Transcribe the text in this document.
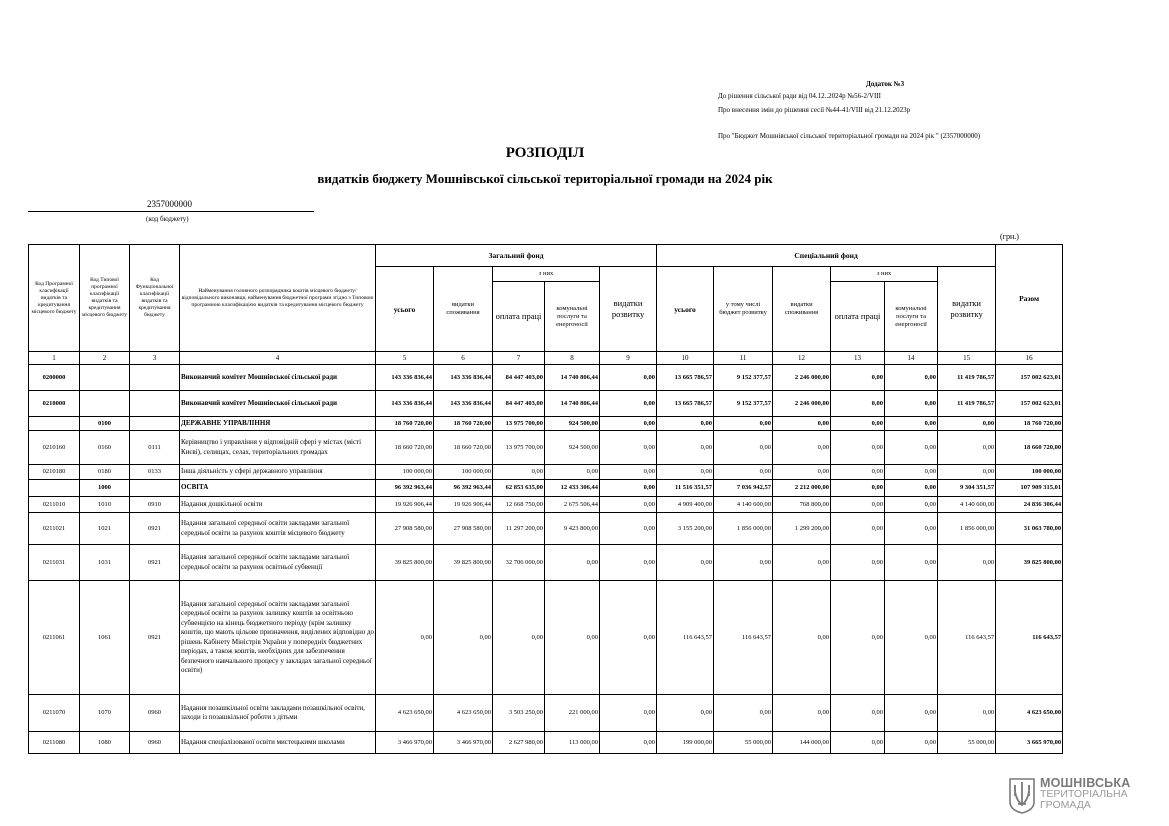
Додаток №3
До рішення сільської ради від 04.12..2024р №56-2/VIII
Про внесення змін до рішення сесії №44-41/VIII від 21.12.2023р
Про "Бюджет Мошнівської сільської територіальної громади на 2024 рік " (2357000000)
РОЗПОДІЛ
видатків бюджету Мошнівської сільської територіальної громади на 2024 рік
2357000000
(код бюджету)
(грн.)
Код Програмної класифікації видатків та кредитування місцевого бюджету	Код Типової програмної класифікації видатків та кредитування місцевого бюджету	Код Функціональної класифікації видатків та кредитування бюджету	Найменування головного розпорядника коштів місцевого бюджету/ відповідального виконавця, найменування бюджетної програми згідно з Типовою програмною класифікацією видатків та кредитування місцевого бюджету	Загальний фонд					Спеціальний фонд						Разом
				усього	видатки споживання	з них		видатки розвитку	усього	у тому числі бюджет розвитку	видатки споживання	з них		видатки розвитку	
						оплата праці	комунальні послуги та енергоносії					оплата праці	комунальні послуги та енергоносії		
1	2	3	4	5	6	7	8	9	10	11	12	13	14	15	16
0200000			Виконавчий комітет Мошнівської сільської ради	143 336 836,44	143 336 836,44	84 447 403,00	14 740 806,44	0,00	13 665 786,57	9 152 377,57	2 246 000,00	0,00	0,00	11 419 786,57	157 002 623,01
0210000			Виконавчий комітет Мошнівської сільської ради	143 336 836,44	143 336 836,44	84 447 403,00	14 740 806,44	0,00	13 665 786,57	9 152 377,57	2 246 000,00	0,00	0,00	11 419 786,57	157 002 623,01
	0100		ДЕРЖАВНЕ УПРАВЛІННЯ	18 760 720,00	18 760 720,00	13 975 700,00	924 500,00	0,00	0,00	0,00	0,00	0,00	0,00	0,00	18 760 720,00
0210160	0160	0111	Керівництво і управління у відповідній сфері у містах (місті Києві), селищах, селах, територіальних громадах	18 660 720,00	18 660 720,00	13 975 700,00	924 500,00	0,00	0,00	0,00	0,00	0,00	0,00	0,00	18 660 720,00
0210180	0180	0133	Інша діяльність у сфері державного управління	100 000,00	100 000,00	0,00	0,00	0,00	0,00	0,00	0,00	0,00	0,00	0,00	100 000,00
	1000		ОСВІТА	96 392 963,44	96 392 963,44	62 853 635,00	12 433 306,44	0,00	11 516 351,57	7 036 942,57	2 212 000,00	0,00	0,00	9 304 351,57	107 909 315,01
0211010	1010	0910	Надання дошкільної освіти	19 926 906,44	19 926 906,44	12 668 750,00	2 675 506,44	0,00	4 909 400,00	4 140 600,00	768 800,00	0,00	0,00	4 140 600,00	24 836 306,44
0211021	1021	0921	Надання загальної середньої освіти закладами загальної середньої освіти за рахунок коштів місцевого бюджету	27 908 580,00	27 908 580,00	11 297 200,00	9 423 800,00	0,00	3 155 200,00	1 856 000,00	1 299 200,00	0,00	0,00	1 856 000,00	31 063 780,00
0211031	1031	0921	Надання загальної середньої освіти закладами загальної середньої освіти за рахунок освітньої субвенції	39 825 800,00	39 825 800,00	32 706 000,00	0,00	0,00	0,00	0,00	0,00	0,00	0,00	0,00	39 825 800,00
0211061	1061	0921	Надання загальної середньої освіти закладами загальної середньої освіти за рахунок залишку коштів за освітньою субвенцією на кінець бюджетного періоду (крім залишку коштів, що мають цільове призначення, виділених відповідно до рішень Кабінету Міністрів України у попередніх бюджетних періодах, а також коштів, необхідних для забезпечення безпечного навчального процесу у закладах загальної середньої освіти)	0,00	0,00	0,00	0,00	0,00	116 643,57	116 643,57	0,00	0,00	0,00	116 643,57	116 643,57
0211070	1070	0960	Надання позашкільної освіти закладами позашкільної освіти, заходи із позашкільної роботи з дітьми	4 623 650,00	4 623 650,00	3 503 250,00	221 000,00	0,00	0,00	0,00	0,00	0,00	0,00	0,00	4 623 650,00
0211080	1080	0960	Надання спеціалізованої освіти мистецькими школами	3 466 970,00	3 466 970,00	2 627 980,00	113 000,00	0,00	199 000,00	55 000,00	144 000,00	0,00	0,00	55 000,00	3 665 970,00
МОШНІВСЬКА
ТЕРИТОРІАЛЬНА
ГРОМАДА
